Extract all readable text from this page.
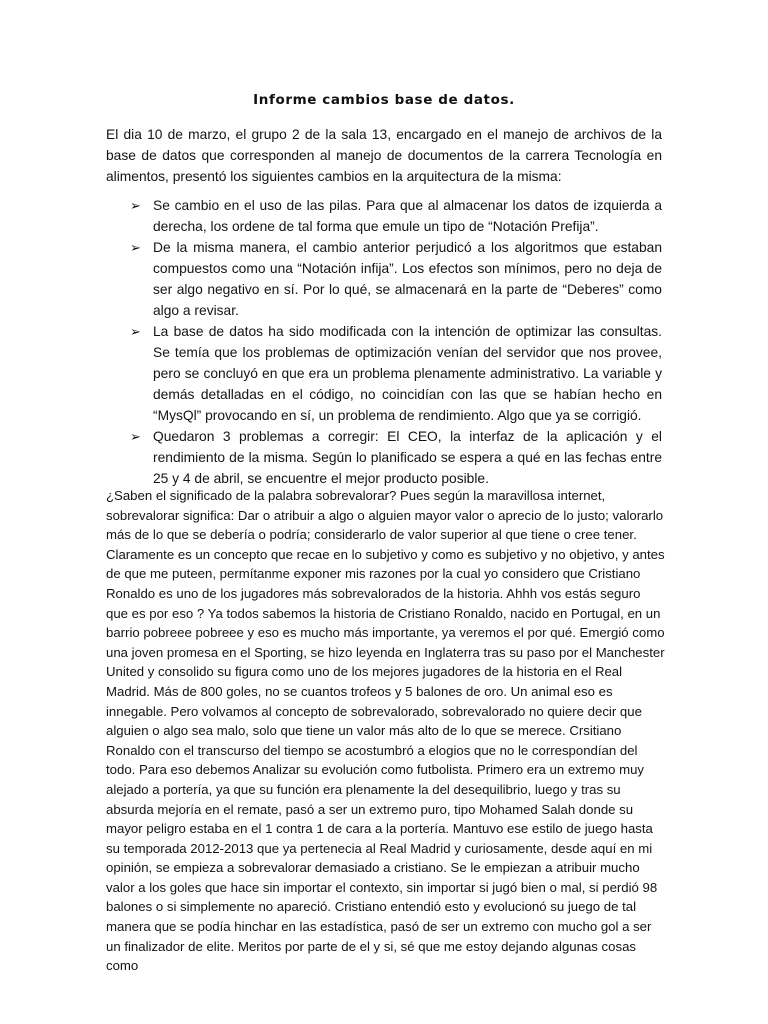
Informe cambios base de datos.

El dia 10 de marzo, el grupo 2 de la sala 13, encargado en el manejo de archivos de la base de datos que corresponden al manejo de documentos de la carrera Tecnología en alimentos, presentó los siguientes cambios en la arquitectura de la misma:

➢ Se cambio en el uso de las pilas. Para que al almacenar los datos de izquierda a derecha, los ordene de tal forma que emule un tipo de “Notación Prefija”.
➢ De la misma manera, el cambio anterior perjudicó a los algoritmos que estaban compuestos como una “Notación infija”. Los efectos son mínimos, pero no deja de ser algo negativo en sí. Por lo qué, se almacenará en la parte de “Deberes” como algo a revisar.
➢ La base de datos ha sido modificada con la intención de optimizar las consultas. Se temía que los problemas de optimización venían del servidor que nos provee, pero se concluyó en que era un problema plenamente administrativo. La variable y demás detalladas en el código, no coincidían con las que se habían hecho en “MysQl” provocando en sí, un problema de rendimiento. Algo que ya se corrigió.
➢ Quedaron 3 problemas a corregir: El CEO, la interfaz de la aplicación y el rendimiento de la misma. Según lo planificado se espera a qué en las fechas entre 25 y 4 de abril, se encuentre el mejor producto posible.

¿Saben el significado de la palabra sobrevalorar? Pues según la maravillosa internet, sobrevalorar significa: Dar o atribuir a algo o alguien mayor valor o aprecio de lo justo; valorarlo más de lo que se debería o podría; considerarlo de valor superior al que tiene o cree tener. Claramente es un concepto que recae en lo subjetivo y como es subjetivo y no objetivo, y antes de que me puteen, permítanme exponer mis razones por la cual yo considero que Cristiano Ronaldo es uno de los jugadores más sobrevalorados de la historia. Ahhh vos estás seguro que es por eso ? Ya todos sabemos la historia de Cristiano Ronaldo, nacido en Portugal, en un barrio pobreee pobreee y eso es mucho más importante, ya veremos el por qué. Emergió como una joven promesa en el Sporting, se hizo leyenda en Inglaterra tras su paso por el Manchester United y consolido su figura como uno de los mejores jugadores de la historia en el Real Madrid. Más de 800 goles, no se cuantos trofeos y 5 balones de oro. Un animal eso es innegable. Pero volvamos al concepto de sobrevalorado, sobrevalorado no quiere decir que alguien o algo sea malo, solo que tiene un valor más alto de lo que se merece. Crsitiano Ronaldo con el transcurso del tiempo se acostumbró a elogios que no le correspondían del todo. Para eso debemos Analizar su evolución como futbolista. Primero era un extremo muy alejado a portería, ya que su función era plenamente la del desequilibrio, luego y tras su absurda mejoría en el remate, pasó a ser un extremo puro, tipo Mohamed Salah donde su mayor peligro estaba en el 1 contra 1 de cara a la portería. Mantuvo ese estilo de juego hasta su temporada 2012-2013 que ya pertenecia al Real Madrid y curiosamente, desde aquí en mi opinión, se empieza a sobrevalorar demasiado a cristiano. Se le empiezan a atribuir mucho valor a los goles que hace sin importar el contexto, sin importar si jugó bien o mal, si perdió 98 balones o si simplemente no apareció. Cristiano entendió esto y evolucionó su juego de tal manera que se podía hinchar en las estadística, pasó de ser un extremo con mucho gol a ser un finalizador de elite. Meritos por parte de el y si, sé que me estoy dejando algunas cosas como
